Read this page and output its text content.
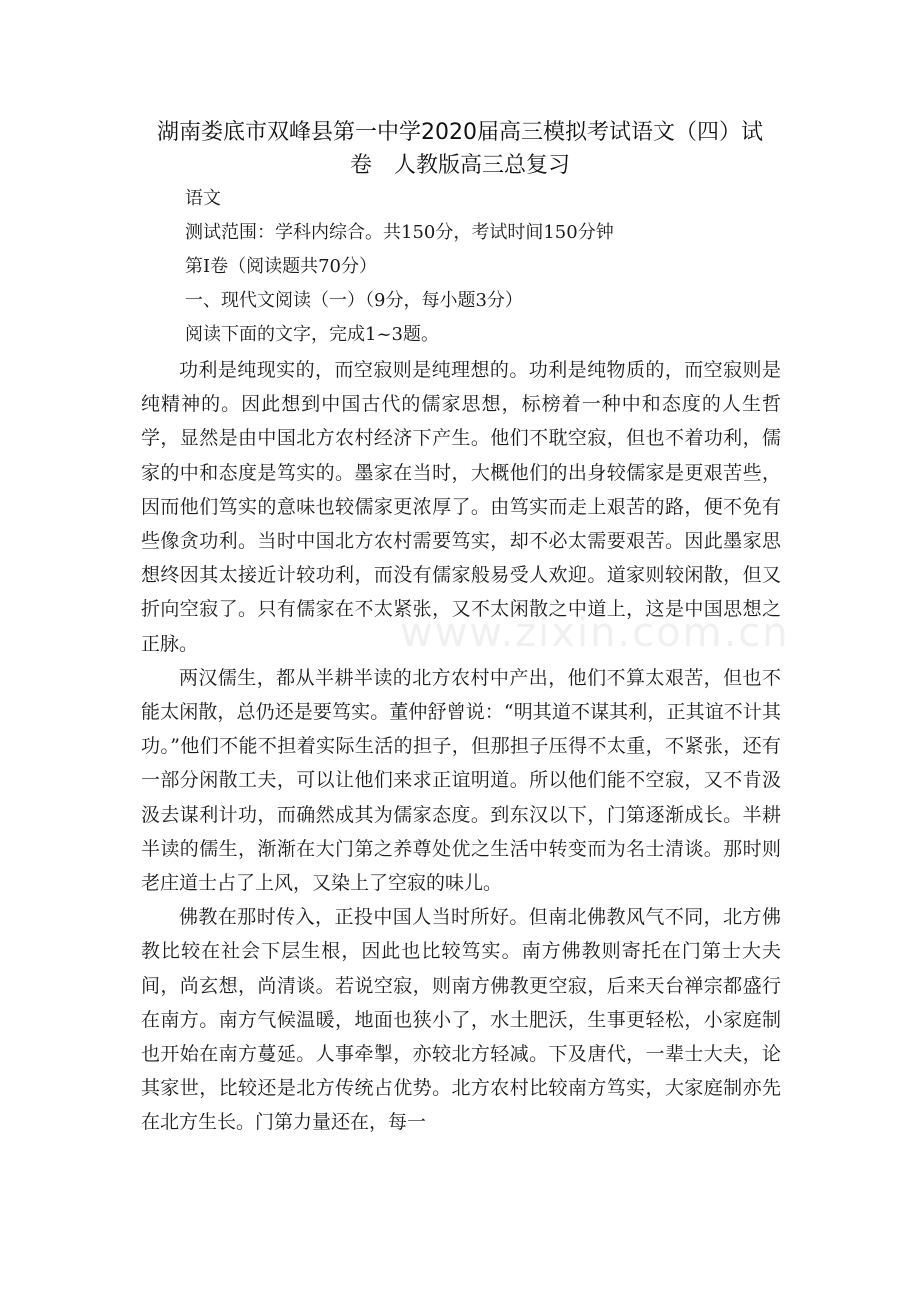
湖南娄底市双峰县第一中学2020届高三模拟考试语文（四）试
卷　人教版高三总复习
语文
测试范围：学科内综合。共150分，考试时间150分钟
第Ⅰ卷（阅读题共70分）
一、现代文阅读（一）（9分，每小题3分）
阅读下面的文字，完成1~3题。

功利是纯现实的，而空寂则是纯理想的。功利是纯物质的，而空寂则是纯精神的。因此想到中国古代的儒家思想，标榜着一种中和态度的人生哲学，显然是由中国北方农村经济下产生。他们不耽空寂，但也不着功利，儒家的中和态度是笃实的。墨家在当时，大概他们的出身较儒家是更艰苦些，因而他们笃实的意味也较儒家更浓厚了。由笃实而走上艰苦的路，便不免有些像贪功利。当时中国北方农村需要笃实，却不必太需要艰苦。因此墨家思想终因其太接近计较功利，而没有儒家般易受人欢迎。道家则较闲散，但又折向空寂了。只有儒家在不太紧张，又不太闲散之中道上，这是中国思想之正脉。

两汉儒生，都从半耕半读的北方农村中产出，他们不算太艰苦，但也不能太闲散，总仍还是要笃实。董仲舒曾说：“明其道不谋其利，正其谊不计其功。”他们不能不担着实际生活的担子，但那担子压得不太重，不紧张，还有一部分闲散工夫，可以让他们来求正谊明道。所以他们能不空寂，又不肯汲汲去谋利计功，而确然成其为儒家态度。到东汉以下，门第逐渐成长。半耕半读的儒生，渐渐在大门第之养尊处优之生活中转变而为名士清谈。那时则老庄道士占了上风，又染上了空寂的味儿。

佛教在那时传入，正投中国人当时所好。但南北佛教风气不同，北方佛教比较在社会下层生根，因此也比较笃实。南方佛教则寄托在门第士大夫间，尚玄想，尚清谈。若说空寂，则南方佛教更空寂，后来天台禅宗都盛行在南方。南方气候温暖，地面也狭小了，水土肥沃，生事更轻松，小家庭制也开始在南方蔓延。人事牵掣，亦较北方轻减。下及唐代，一辈士大夫，论其家世，比较还是北方传统占优势。北方农村比较南方笃实，大家庭制亦先在北方生长。门第力量还在，每一

www.zixin.com.cn
